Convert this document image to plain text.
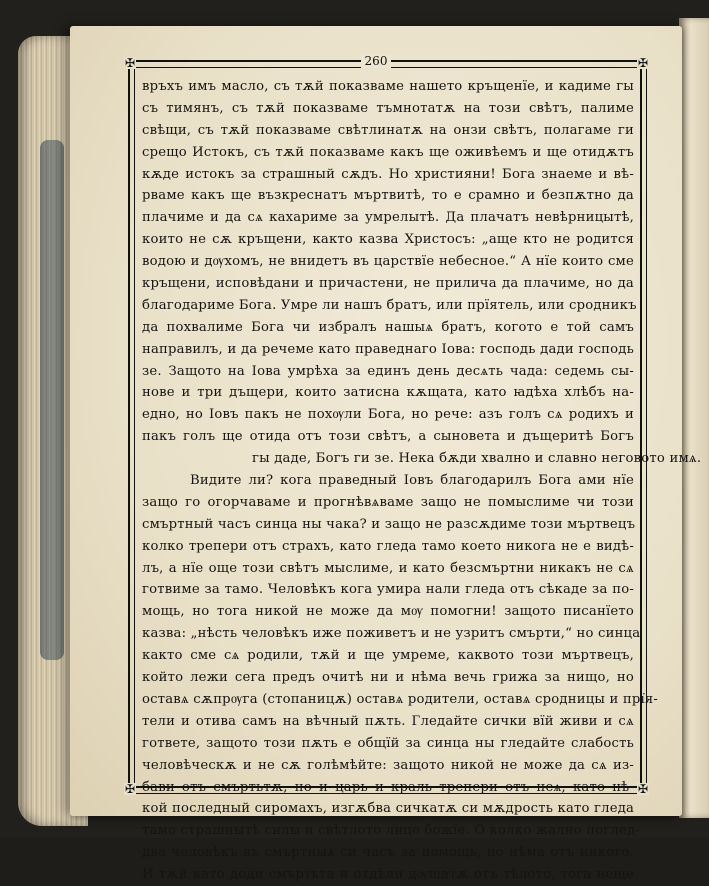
✠	✠
✠	✠
260
връхъ имъ масло, съ тѫй показваме нашето кръщенїе, и кадиме гы
съ тимянъ, съ тѫй показваме тъмнотатѫ на този свѣтъ, палиме
свѣщи, съ тѫй показваме свѣтлинатѫ на онзи свѣтъ, полагаме ги
срещо Истокъ, съ тѫй показваме какъ ще оживѣемъ и ще отидѫтъ
кѫде истокъ за страшный сѫдъ. Но християни! Бога знаеме и вѣ-
рваме какъ ще възкреснатъ мъртвитѣ, то е срамно и безпѫтно да
плачиме и да сѧ кахариме за умрелытѣ. Да плачатъ невѣрницытѣ,
които не сѫ кръщени, както казва Христосъ: „аще кто не родится
водою и дѹхомъ, не внидетъ въ царствїе небесное.“ А нїе които сме
кръщени, исповѣдани и причастени, не прилича да плачиме, но да
благодариме Бога. Умре ли нашъ братъ, или прїятель, или сродникъ
да похвалиме Бога чи избралъ нашыѧ братъ, когото е той самъ
направилъ, и да речеме като праведнаго Iова: господь дади господь
зе. Защото на Iова умрѣха за единъ день десѧть чада: седемь сы-
нове и три дъщери, които затисна кѫщата, като ꙗдѣха хлѣбъ на-
едно, но Iовъ пакъ не похѹли Бога, но рече: азъ голъ сѧ родихъ и
пакъ голъ ще отида отъ този свѣтъ, а сыновета и дъщеритѣ Богъ
гы даде, Богъ ги зе. Нека бѫди хвално и славно неговото имѧ.
Видите ли? кога праведный Iовъ благодарилъ Бога ами нїе
защо го огорчаваме и прогнѣвѧваме защо не помыслиме чи този
смъртный часъ синца ны чака? и защо не разсѫдиме този мъртвецъ
колко трепери отъ страхъ, като гледа тамо което никога не е видѣ-
лъ, а нїе още този свѣтъ мыслиме, и като безсмъртни никакъ не сѧ
готвиме за тамо. Человѣкъ кога умира нали гледа отъ сѣкаде за по-
мощь, но тога никой не може да мѹ помогни! защото писанїето
казва: „нѣсть человѣкъ иже поживетъ и не узритъ смърти,“ но синца
както сме сѧ родили, тѫй и ще умреме, каквото този мъртвецъ,
който лежи сега предъ очитѣ ни и нѣма вечь грижа за нищо, но
оставѧ сѫпрѹга (стопаницѫ) оставѧ родители, оставѧ сродницы и прїя-
тели и отива самъ на вѣчный пѫть. Гледайте сички вїй живи и сѧ
гответе, защото този пѫть е общїй за синца ны гледайте слабость
человѣческѫ и не сѫ голѣмѣйте: защото никой не може да сѧ из-
бави отъ смъртьтѫ, но и царь и краль трепери отъ неѧ, като нѣ-
кой последный сиромахъ, изгѫбва сичкатѫ си мѫдрость като гледа
тамо страшнытѣ силы и свѣтлото лице божїе. О колко жално поглед-
два человѣкъ въ смъртныѧ си часъ за помощь, но нѣма отъ никого.
И тѫй като доди смъртьта и отдѣли дѹшатѫ отъ тѣлото, тога неще
